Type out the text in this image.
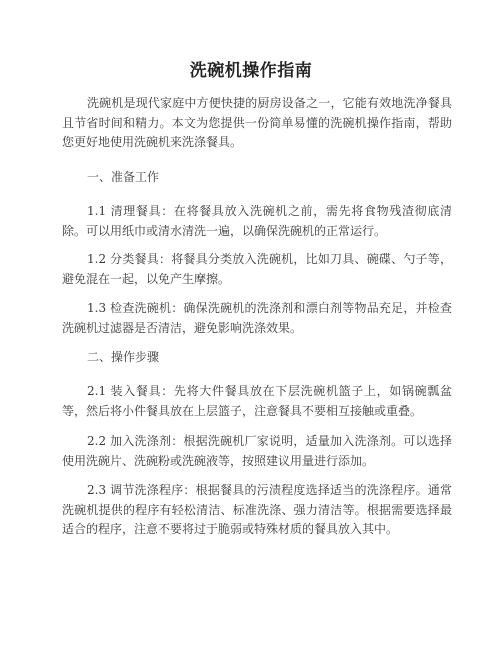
洗碗机操作指南
洗碗机是现代家庭中方便快捷的厨房设备之一，它能有效地洗净餐具且节省时间和精力。本文为您提供一份简单易懂的洗碗机操作指南，帮助您更好地使用洗碗机来洗涤餐具。
一、准备工作
1.1 清理餐具：在将餐具放入洗碗机之前，需先将食物残渣彻底清除。可以用纸巾或清水清洗一遍，以确保洗碗机的正常运行。
1.2 分类餐具：将餐具分类放入洗碗机，比如刀具、碗碟、勺子等，避免混在一起，以免产生摩擦。
1.3 检查洗碗机：确保洗碗机的洗涤剂和漂白剂等物品充足，并检查洗碗机过滤器是否清洁，避免影响洗涤效果。
二、操作步骤
2.1 装入餐具：先将大件餐具放在下层洗碗机篮子上，如锅碗瓢盆等，然后将小件餐具放在上层篮子，注意餐具不要相互接触或重叠。
2.2 加入洗涤剂：根据洗碗机厂家说明，适量加入洗涤剂。可以选择使用洗碗片、洗碗粉或洗碗液等，按照建议用量进行添加。
2.3 调节洗涤程序：根据餐具的污渍程度选择适当的洗涤程序。通常洗碗机提供的程序有轻松清洁、标准洗涤、强力清洁等。根据需要选择最适合的程序，注意不要将过于脆弱或特殊材质的餐具放入其中。
